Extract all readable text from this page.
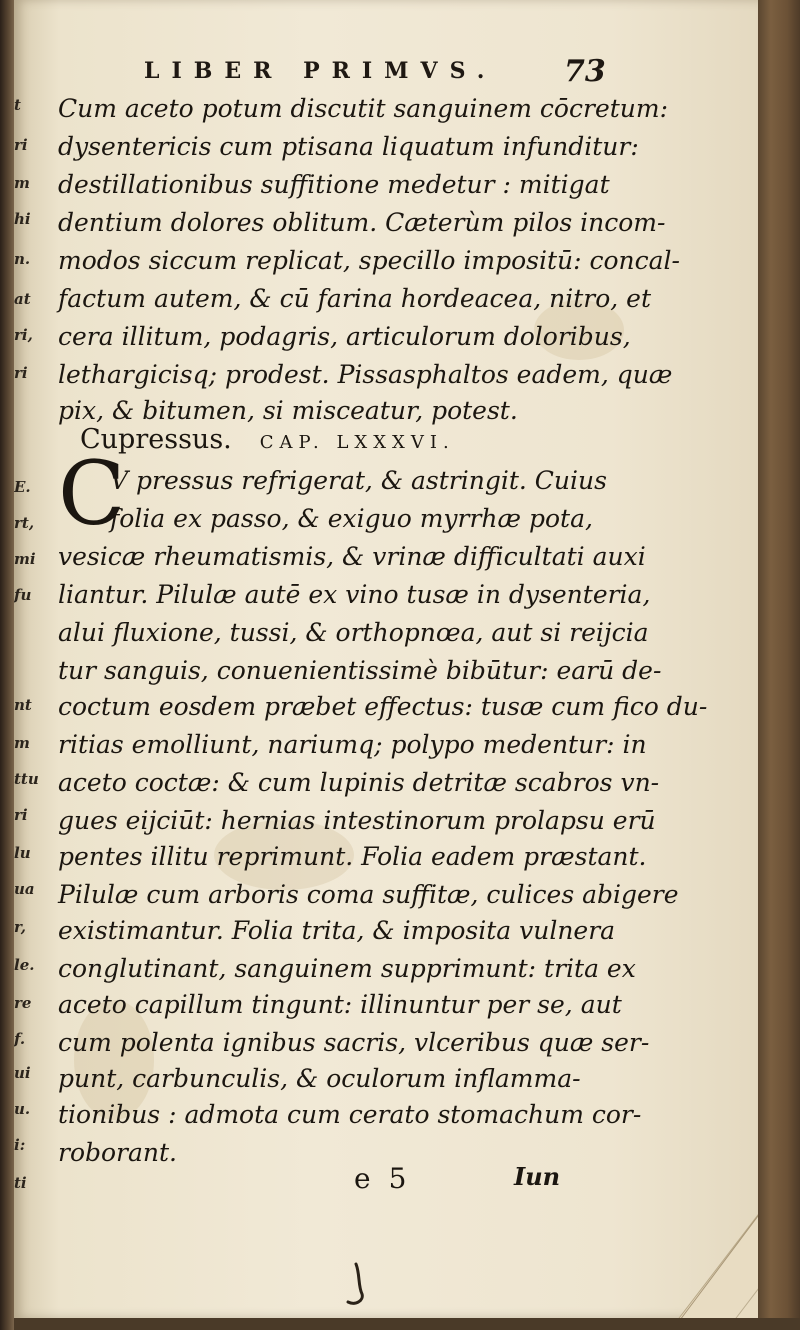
t
ri
m
hi
n.
at
ri,
ri
E.
rt,
mi
fu
nt
m
ttu
ri
lu
ua
r,
le.
re
f.
ui
u.
i:
ti
LIBER PRIMVS. 73
Cum aceto potum discutit sanguinem cōcretum:
dysentericis cum ptisana liquatum infunditur:
destillationibus suffitione medetur : mitigat
dentium dolores oblitum. Cæterùm pilos incom-
modos siccum replicat, specillo impositū: concal-
factum autem, & cū farina hordeacea, nitro, et
cera illitum, podagris, articulorum doloribus,
lethargicisq; prodest. Pissasphaltos eadem, quæ
pix, & bitumen, si misceatur, potest.
Cupressus. CAP. LXXXVI.
C
V pressus refrigerat, & astringit. Cuius
folia ex passo, & exiguo myrrhæ pota,
vesicæ rheumatismis, & vrinæ difficultati auxi
liantur. Pilulæ autē ex vino tusæ in dysenteria,
alui fluxione, tussi, & orthopnœa, aut si reijcia
tur sanguis, conuenientissimè bibūtur: earū de-
coctum eosdem præbet effectus: tusæ cum fico du-
ritias emolliunt, nariumq; polypo medentur: in
aceto coctæ: & cum lupinis detritæ scabros vn-
gues eijciūt: hernias intestinorum prolapsu erū
pentes illitu reprimunt. Folia eadem præstant.
Pilulæ cum arboris coma suffitæ, culices abigere
existimantur. Folia trita, & imposita vulnera
conglutinant, sanguinem supprimunt: trita ex
aceto capillum tingunt: illinuntur per se, aut
cum polenta ignibus sacris, vlceribus quæ ser-
punt, carbunculis, & oculorum inflamma-
tionibus : admota cum cerato stomachum cor-
roborant.
e 5	Iun
